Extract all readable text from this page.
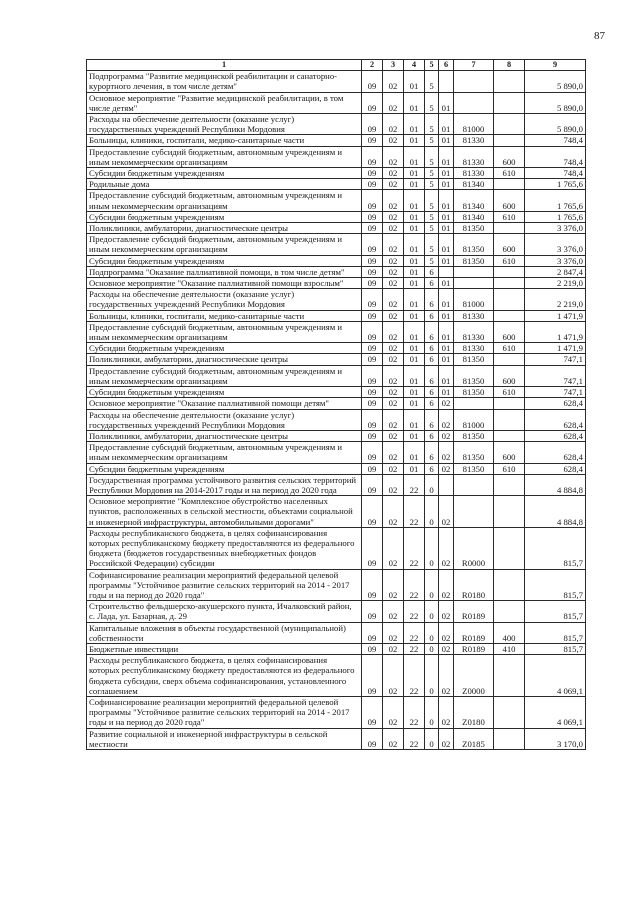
87
1	2	3	4	5	6	7	8	9
Подпрограмма "Развитие медицинской реабилитации и санаторно-курортного лечения, в том числе детям"	09	02	01	5				5 890,0
Основное мероприятие "Развитие медицинской реабилитации, в том числе детям"	09	02	01	5	01			5 890,0
Расходы на обеспечение деятельности (оказание услуг) государственных учреждений Республики Мордовия	09	02	01	5	01	81000		5 890,0
Больницы, клиники, госпитали, медико-санитарные части	09	02	01	5	01	81330		748,4
Предоставление субсидий бюджетным, автономным учреждениям и иным некоммерческим организациям	09	02	01	5	01	81330	600	748,4
Субсидии бюджетным учреждениям	09	02	01	5	01	81330	610	748,4
Родильные дома	09	02	01	5	01	81340		1 765,6
Предоставление субсидий бюджетным, автономным учреждениям и иным некоммерческим организациям	09	02	01	5	01	81340	600	1 765,6
Субсидии бюджетным учреждениям	09	02	01	5	01	81340	610	1 765,6
Поликлиники, амбулатории, диагностические центры	09	02	01	5	01	81350		3 376,0
Предоставление субсидий бюджетным, автономным учреждениям и иным некоммерческим организациям	09	02	01	5	01	81350	600	3 376,0
Субсидии бюджетным учреждениям	09	02	01	5	01	81350	610	3 376,0
Подпрограмма "Оказание паллиативной помощи, в том числе детям"	09	02	01	6				2 847,4
Основное мероприятие "Оказание паллиативной помощи взрослым"	09	02	01	6	01			2 219,0
Расходы на обеспечение деятельности (оказание услуг) государственных учреждений Республики Мордовия	09	02	01	6	01	81000		2 219,0
Больницы, клиники, госпитали, медико-санитарные части	09	02	01	6	01	81330		1 471,9
Предоставление субсидий бюджетным, автономным учреждениям и иным некоммерческим организациям	09	02	01	6	01	81330	600	1 471,9
Субсидии бюджетным учреждениям	09	02	01	6	01	81330	610	1 471,9
Поликлиники, амбулатории, диагностические центры	09	02	01	6	01	81350		747,1
Предоставление субсидий бюджетным, автономным учреждениям и иным некоммерческим организациям	09	02	01	6	01	81350	600	747,1
Субсидии бюджетным учреждениям	09	02	01	6	01	81350	610	747,1
Основное мероприятие "Оказание паллиативной помощи детям"	09	02	01	6	02			628,4
Расходы на обеспечение деятельности (оказание услуг) государственных учреждений Республики Мордовия	09	02	01	6	02	81000		628,4
Поликлиники, амбулатории, диагностические центры	09	02	01	6	02	81350		628,4
Предоставление субсидий бюджетным, автономным учреждениям и иным некоммерческим организациям	09	02	01	6	02	81350	600	628,4
Субсидии бюджетным учреждениям	09	02	01	6	02	81350	610	628,4
Государственная программа устойчивого развития сельских территорий Республики Мордовия на 2014-2017 годы и на период до 2020 года	09	02	22	0				4 884,8
Основное мероприятие "Комплексное обустройство населенных пунктов, расположенных в сельской местности, объектами социальной и инженерной инфраструктуры, автомобильными дорогами"	09	02	22	0	02			4 884,8
Расходы республиканского бюджета, в целях софинансирования которых республиканскому бюджету предоставляются из федерального бюджета (бюджетов государственных внебюджетных фондов Российской Федерации) субсидии	09	02	22	0	02	R0000		815,7
Софинансирование реализации мероприятий федеральной целевой программы "Устойчивое развитие сельских территорий на 2014 - 2017 годы и на период до 2020 года"	09	02	22	0	02	R0180		815,7
Строительство фельдшерско-акушерского пункта, Ичалковский район, с. Лада, ул. Базарная, д. 29	09	02	22	0	02	R0189		815,7
Капитальные вложения в объекты государственной (муниципальной) собственности	09	02	22	0	02	R0189	400	815,7
Бюджетные инвестиции	09	02	22	0	02	R0189	410	815,7
Расходы республиканского бюджета, в целях софинансирования которых республиканскому бюджету предоставляются из федерального бюджета субсидии, сверх объема софинансирования, установленного соглашением	09	02	22	0	02	Z0000		4 069,1
Софинансирование реализации мероприятий федеральной целевой программы "Устойчивое развитие сельских территорий на 2014 - 2017 годы и на период до 2020 года"	09	02	22	0	02	Z0180		4 069,1
Развитие социальной и инженерной инфраструктуры в сельской местности	09	02	22	0	02	Z0185		3 170,0
